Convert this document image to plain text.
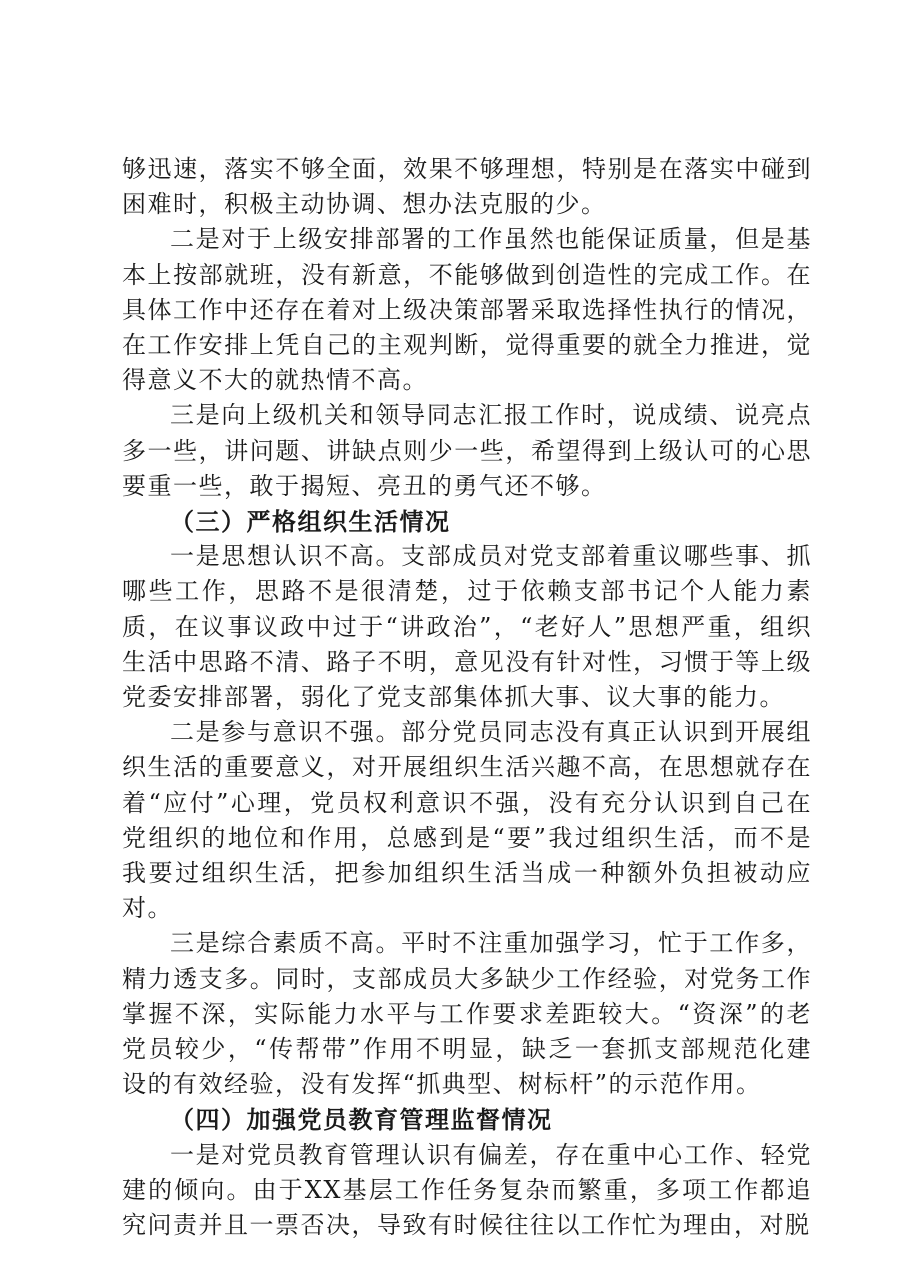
够迅速，落实不够全面，效果不够理想，特别是在落实中碰到困难时，积极主动协调、想办法克服的少。

二是对于上级安排部署的工作虽然也能保证质量，但是基本上按部就班，没有新意，不能够做到创造性的完成工作。在具体工作中还存在着对上级决策部署采取选择性执行的情况，在工作安排上凭自己的主观判断，觉得重要的就全力推进，觉得意义不大的就热情不高。

三是向上级机关和领导同志汇报工作时，说成绩、说亮点多一些，讲问题、讲缺点则少一些，希望得到上级认可的心思要重一些，敢于揭短、亮丑的勇气还不够。

（三）严格组织生活情况

一是思想认识不高。支部成员对党支部着重议哪些事、抓哪些工作，思路不是很清楚，过于依赖支部书记个人能力素质，在议事议政中过于“讲政治”，“老好人”思想严重，组织生活中思路不清、路子不明，意见没有针对性，习惯于等上级党委安排部署，弱化了党支部集体抓大事、议大事的能力。

二是参与意识不强。部分党员同志没有真正认识到开展组织生活的重要意义，对开展组织生活兴趣不高，在思想就存在着“应付”心理，党员权利意识不强，没有充分认识到自己在党组织的地位和作用，总感到是“要”我过组织生活，而不是我要过组织生活，把参加组织生活当成一种额外负担被动应对。

三是综合素质不高。平时不注重加强学习，忙于工作多，精力透支多。同时，支部成员大多缺少工作经验，对党务工作掌握不深，实际能力水平与工作要求差距较大。“资深”的老党员较少，“传帮带”作用不明显，缺乏一套抓支部规范化建设的有效经验，没有发挥“抓典型、树标杆”的示范作用。

（四）加强党员教育管理监督情况

一是对党员教育管理认识有偏差，存在重中心工作、轻党建的倾向。由于XX基层工作任务复杂而繁重，多项工作都追究问责并且一票否决，导致有时候往往以工作忙为理由，对脱
